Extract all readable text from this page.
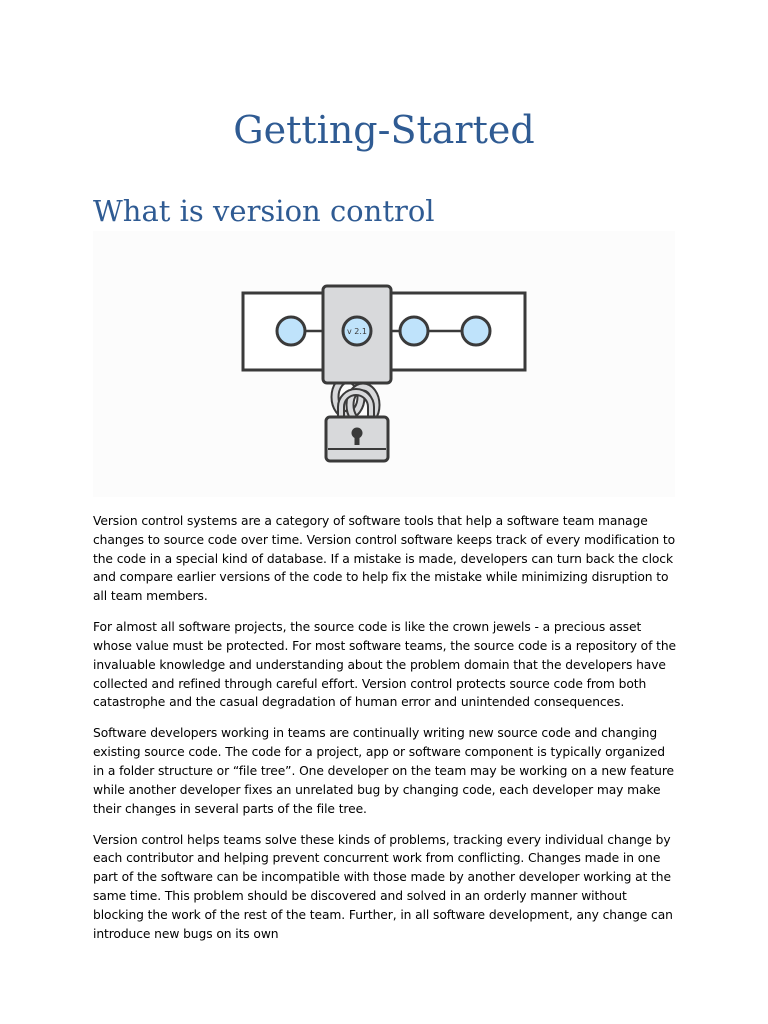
Getting-Started
What is version control
v 2.1

Version control systems are a category of software tools that help a software team manage changes to source code over time. Version control software keeps track of every modification to the code in a special kind of database. If a mistake is made, developers can turn back the clock and compare earlier versions of the code to help fix the mistake while minimizing disruption to all team members.

For almost all software projects, the source code is like the crown jewels - a precious asset whose value must be protected. For most software teams, the source code is a repository of the invaluable knowledge and understanding about the problem domain that the developers have collected and refined through careful effort. Version control protects source code from both catastrophe and the casual degradation of human error and unintended consequences.

Software developers working in teams are continually writing new source code and changing existing source code. The code for a project, app or software component is typically organized in a folder structure or “file tree”. One developer on the team may be working on a new feature while another developer fixes an unrelated bug by changing code, each developer may make their changes in several parts of the file tree.

Version control helps teams solve these kinds of problems, tracking every individual change by each contributor and helping prevent concurrent work from conflicting. Changes made in one part of the software can be incompatible with those made by another developer working at the same time. This problem should be discovered and solved in an orderly manner without blocking the work of the rest of the team. Further, in all software development, any change can introduce new bugs on its own
